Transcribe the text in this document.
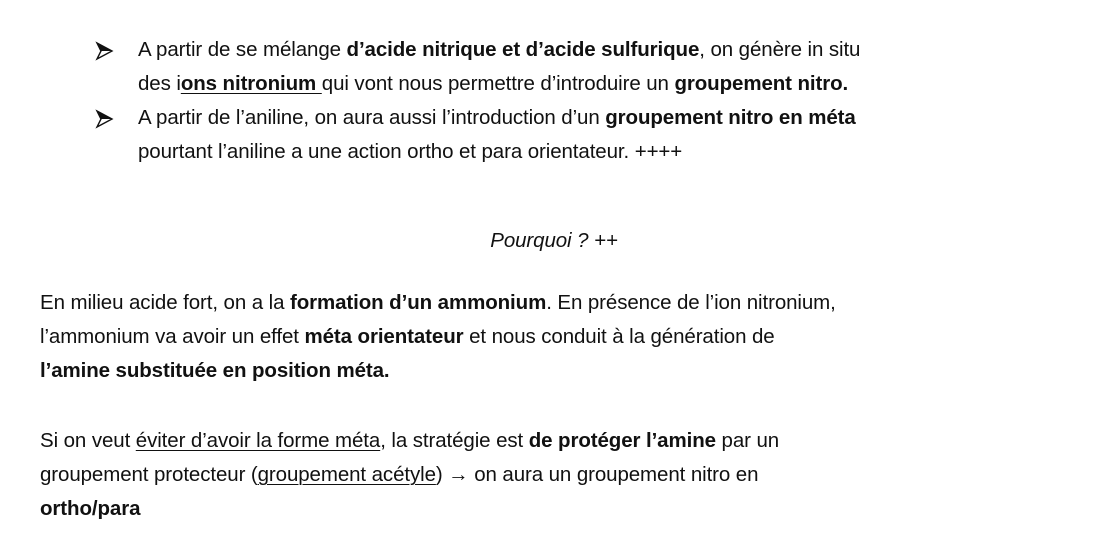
A partir de se mélange d’acide nitrique et d’acide sulfurique, on génère in situ
des ions nitronium qui vont nous permettre d’introduire un groupement nitro.
A partir de l’aniline, on aura aussi l’introduction d’un groupement nitro en méta
pourtant l’aniline a une action ortho et para orientateur. ++++
Pourquoi ? ++
En milieu acide fort, on a la formation d’un ammonium. En présence de l’ion nitronium,
l’ammonium va avoir un effet méta orientateur et nous conduit à la génération de
l’amine substituée en position méta.
Si on veut éviter d’avoir la forme méta, la stratégie est de protéger l’amine par un
groupement protecteur (groupement acétyle) → on aura un groupement nitro en
ortho/para
